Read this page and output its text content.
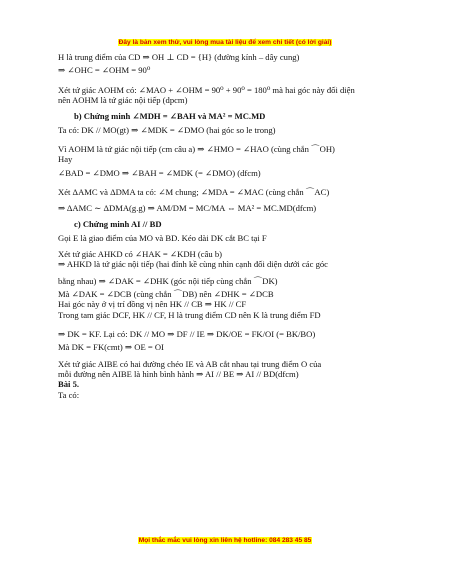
Đây là bản xem thử, vui lòng mua tài liệu để xem chi tiết (có lời giải)

H là trung điểm của CD ⇒ OH ⊥ CD = {H} (đường kính – dây cung)

⇒ ∠OHC = ∠OHM = 90⁰

Xét tứ giác AOHM có: ∠MAO + ∠OHM = 90⁰ + 90⁰ = 180⁰ mà hai góc này đối diện

nên AOHM là tứ giác nội tiếp (dpcm)

b) Chứng minh ∠MDH = ∠BAH và MA² = MC.MD

Ta có: DK // MO(gt) ⇒ ∠MDK = ∠DMO (hai góc so le trong)

Vì AOHM là tứ giác nội tiếp (cm câu a) ⇒ ∠HMO = ∠HAO (cùng chắn ⌒OH)

Hay

∠BAD = ∠DMO ⇒ ∠BAH = ∠MDK (= ∠DMO) (dfcm)

Xét ΔAMC và ΔDMA ta có: ∠M chung; ∠MDA = ∠MAC (cùng chắn ⌒AC)

⇒ ΔAMC ∼ ΔDMA(g.g) ⇒ AM/DM = MC/MA ⇔ MA² = MC.MD(dfcm)

c) Chứng minh AI // BD

Gọi E là giao điểm của MO và BD. Kéo dài DK cắt BC tại F

Xét tứ giác AHKD có ∠HAK = ∠KDH (câu b)

⇒ AHKD là tứ giác nội tiếp (hai đỉnh kề cùng nhìn cạnh đối diện dưới các góc

bằng nhau) ⇒ ∠DAK = ∠DHK (góc nội tiếp cùng chắn ⌒DK)

Mà ∠DAK = ∠DCB (cùng chắn ⌒DB) nên ∠DHK = ∠DCB

Hai góc này ở vị trí đồng vị nên HK // CB ⇒ HK // CF

Trong tam giác DCF, HK // CF, H là trung điểm CD nên K là trung điểm FD

⇒ DK = KF. Lại có: DK // MO ⇒ DF // IE ⇒ DK/OE = FK/OI (= BK/BO)

Mà DK = FK(cmt) ⇒ OE = OI

Xét tứ giác AIBE có hai đường chéo IE và AB cắt nhau tại trung điểm O của

mỗi đường nên AIBE là hình bình hành ⇒ AI // BE ⇒ AI // BD(dfcm)

Bài 5.

Ta có:

Mọi thắc mắc vui lòng xin liên hệ hotline: 084 283 45 85
